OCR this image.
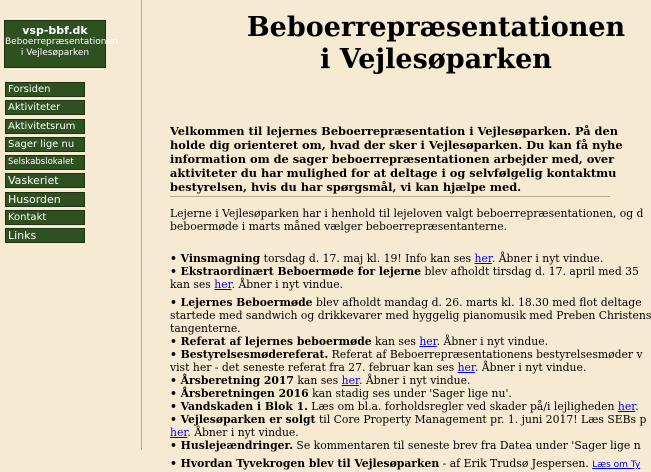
vsp-bbf.dk
Beboerrepræsentationen
i Vejlesøparken
Forsiden
Aktiviteter
Aktivitetsrum
Sager lige nu
Selskabslokalet
Vaskeriet
Husorden
Kontakt
Links
Beboerrepræsentationen
i Vejlesøparken
Velkommen til lejernes Beboerrepræsentation i Vejlesøparken. På den
holde dig orienteret om, hvad der sker i Vejlesøparken. Du kan få nyhe
information om de sager beboerrepræsentationen arbejder med, over
aktiviteter du har mulighed for at deltage i og selvfølgelig kontaktmu
bestyrelsen, hvis du har spørgsmål, vi kan hjælpe med.
Lejerne i Vejlesøparken har i henhold til lejeloven valgt beboerrepræsentationen, og d
beboermøde i marts måned vælger beboerrepræsentanterne.
• Vinsmagning torsdag d. 17. maj kl. 19! Info kan ses her. Åbner i nyt vindue.
• Ekstraordinært Beboermøde for lejerne blev afholdt tirsdag d. 17. april med 35
kan ses her. Åbner i nyt vindue.
• Lejernes Beboermøde blev afholdt mandag d. 26. marts kl. 18.30 med flot deltage
startede med sandwich og drikkevarer med hyggelig pianomusik med Preben Christens
tangenterne.
• Referat af lejernes beboermøde kan ses her. Åbner i nyt vindue.
• Bestyrelsesmødereferat. Referat af Beboerrepræsentationens bestyrelsesmøder v
vist her - det seneste referat fra 27. februar kan ses her. Åbner i nyt vindue.
• Årsberetning 2017 kan ses her. Åbner i nyt vindue.
• Årsberetningen 2016 kan stadig ses under 'Sager lige nu'.
• Vandskaden i Blok 1. Læs om bl.a. forholdsregler ved skader på/i lejligheden her.
• Vejlesøparken er solgt til Core Property Management pr. 1. juni 2017! Læs SEBs p
her. Åbner i nyt vindue.
• Huslejeændringer. Se kommentaren til seneste brev fra Datea under 'Sager lige n
• Hvordan Tyvekrogen blev til Vejlesøparken - af Erik Trudsø Jespersen. Læs om Ty
